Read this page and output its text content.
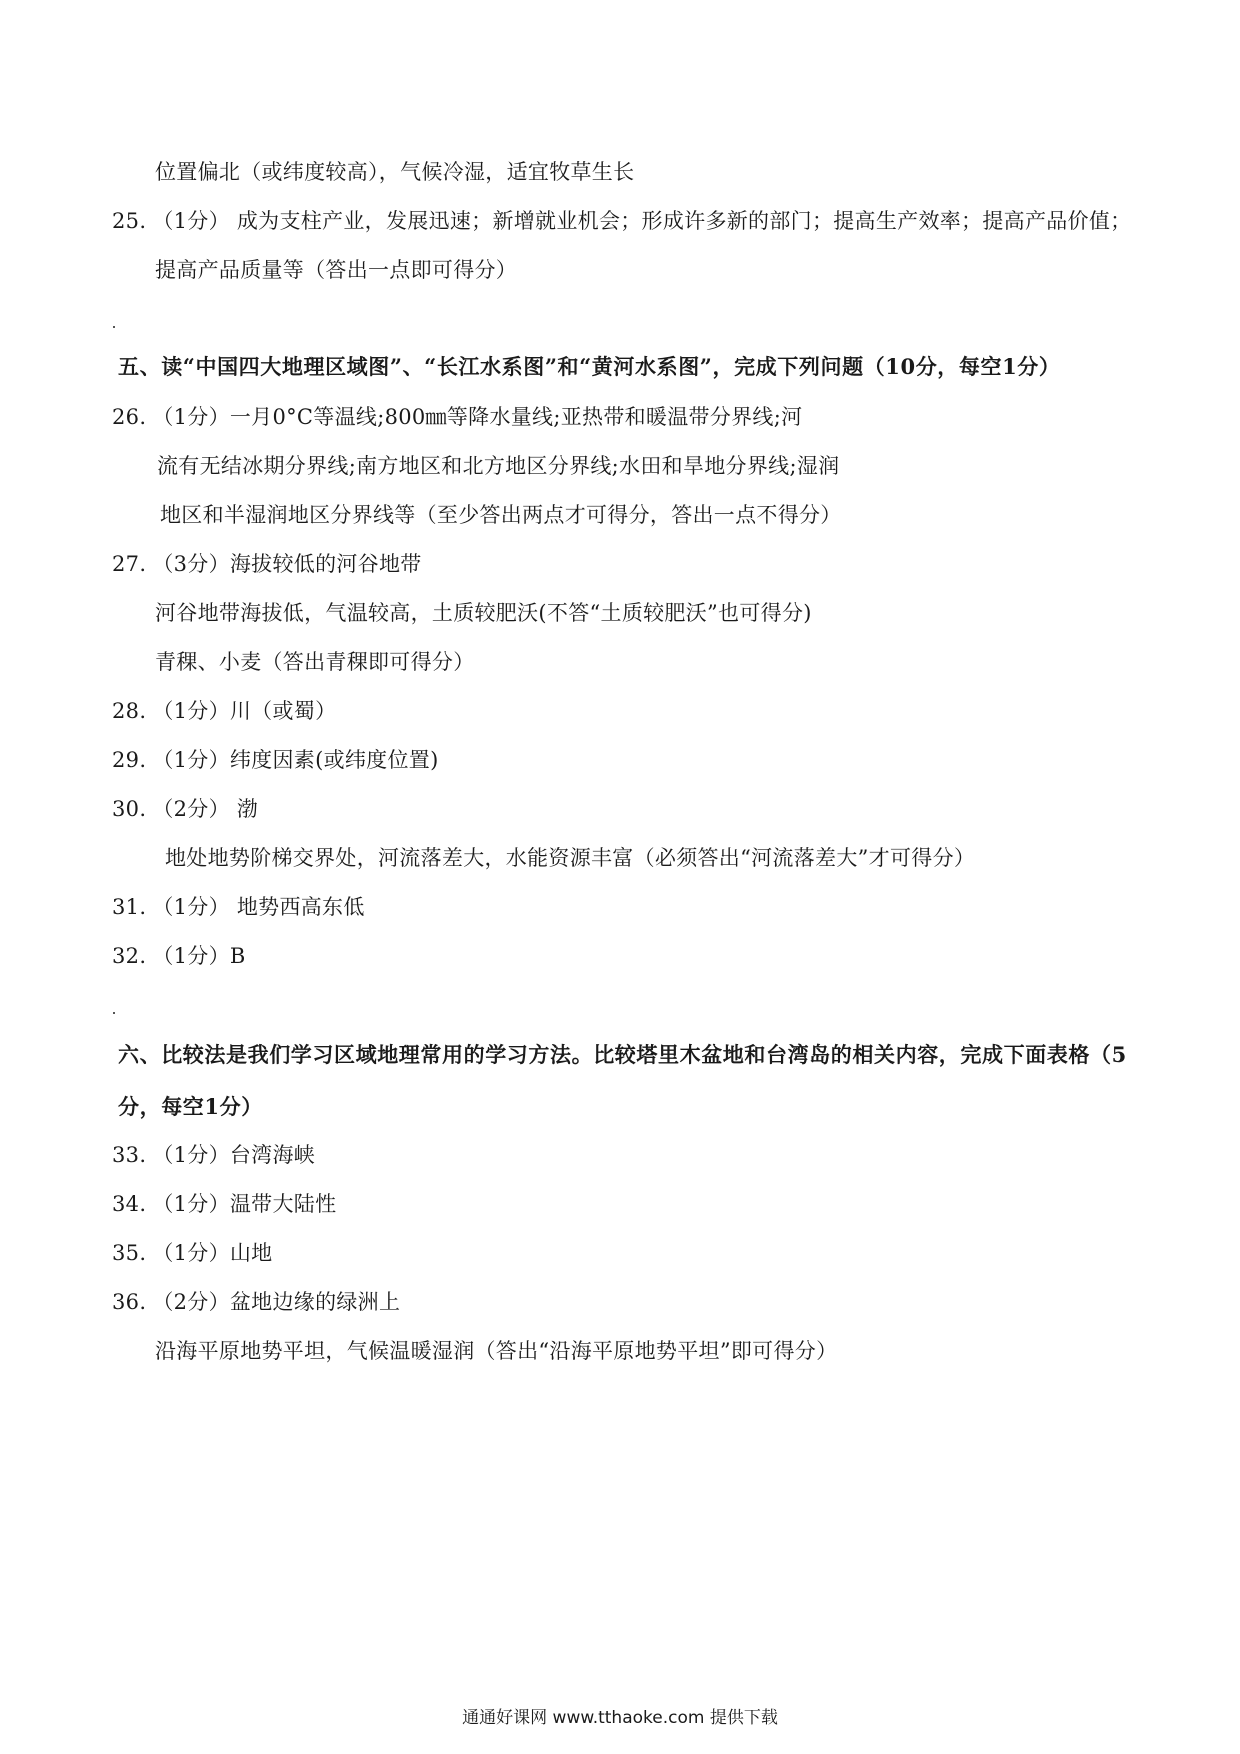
位置偏北（或纬度较高），气候冷湿，适宜牧草生长
25. （1分） 成为支柱产业，发展迅速；新增就业机会；形成许多新的部门；提高生产效率；提高产品价值；
提高产品质量等（答出一点即可得分）
五、读“中国四大地理区域图”、“长江水系图”和“黄河水系图”，完成下列问题（10分，每空1分）
26. （1分）一月0°C等温线;800㎜等降水量线;亚热带和暖温带分界线;河
流有无结冰期分界线;南方地区和北方地区分界线;水田和旱地分界线;湿润
地区和半湿润地区分界线等（至少答出两点才可得分，答出一点不得分）
27. （3分）海拔较低的河谷地带
河谷地带海拔低，气温较高，土质较肥沃(不答“土质较肥沃”也可得分)
青稞、小麦（答出青稞即可得分）
28. （1分）川（或蜀）
29. （1分）纬度因素(或纬度位置)
30. （2分） 渤
地处地势阶梯交界处，河流落差大，水能资源丰富（必须答出“河流落差大”才可得分）
31. （1分） 地势西高东低
32. （1分）B
六、比较法是我们学习区域地理常用的学习方法。比较塔里木盆地和台湾岛的相关内容，完成下面表格（5
分，每空1分）
33. （1分）台湾海峡
34. （1分）温带大陆性
35. （1分）山地
36. （2分）盆地边缘的绿洲上
沿海平原地势平坦，气候温暖湿润（答出“沿海平原地势平坦”即可得分）
通通好课网 www.tthaoke.com 提供下载
